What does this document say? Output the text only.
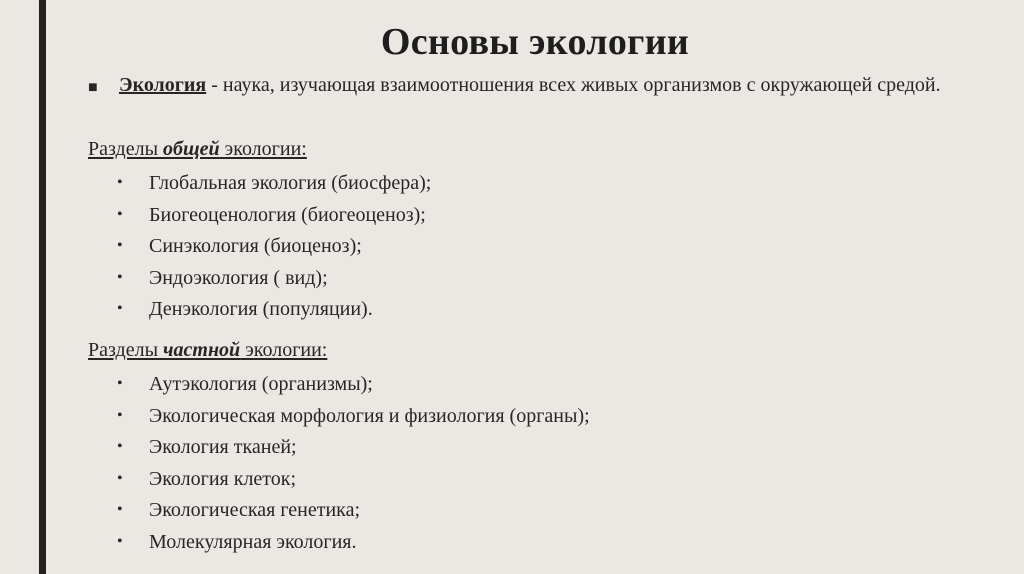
Основы экологии
■ Экология - наука, изучающая взаимоотношения всех живых организмов с окружающей средой.
Разделы общей экологии:
• Глобальная экология (биосфера);
• Биогеоценология (биогеоценоз);
• Синэкология (биоценоз);
• Эндоэкология ( вид);
• Денэкология (популяции).
Разделы частной экологии:
• Аутэкология (организмы);
• Экологическая морфология и физиология (органы);
• Экология тканей;
• Экология клеток;
• Экологическая генетика;
• Молекулярная экология.
